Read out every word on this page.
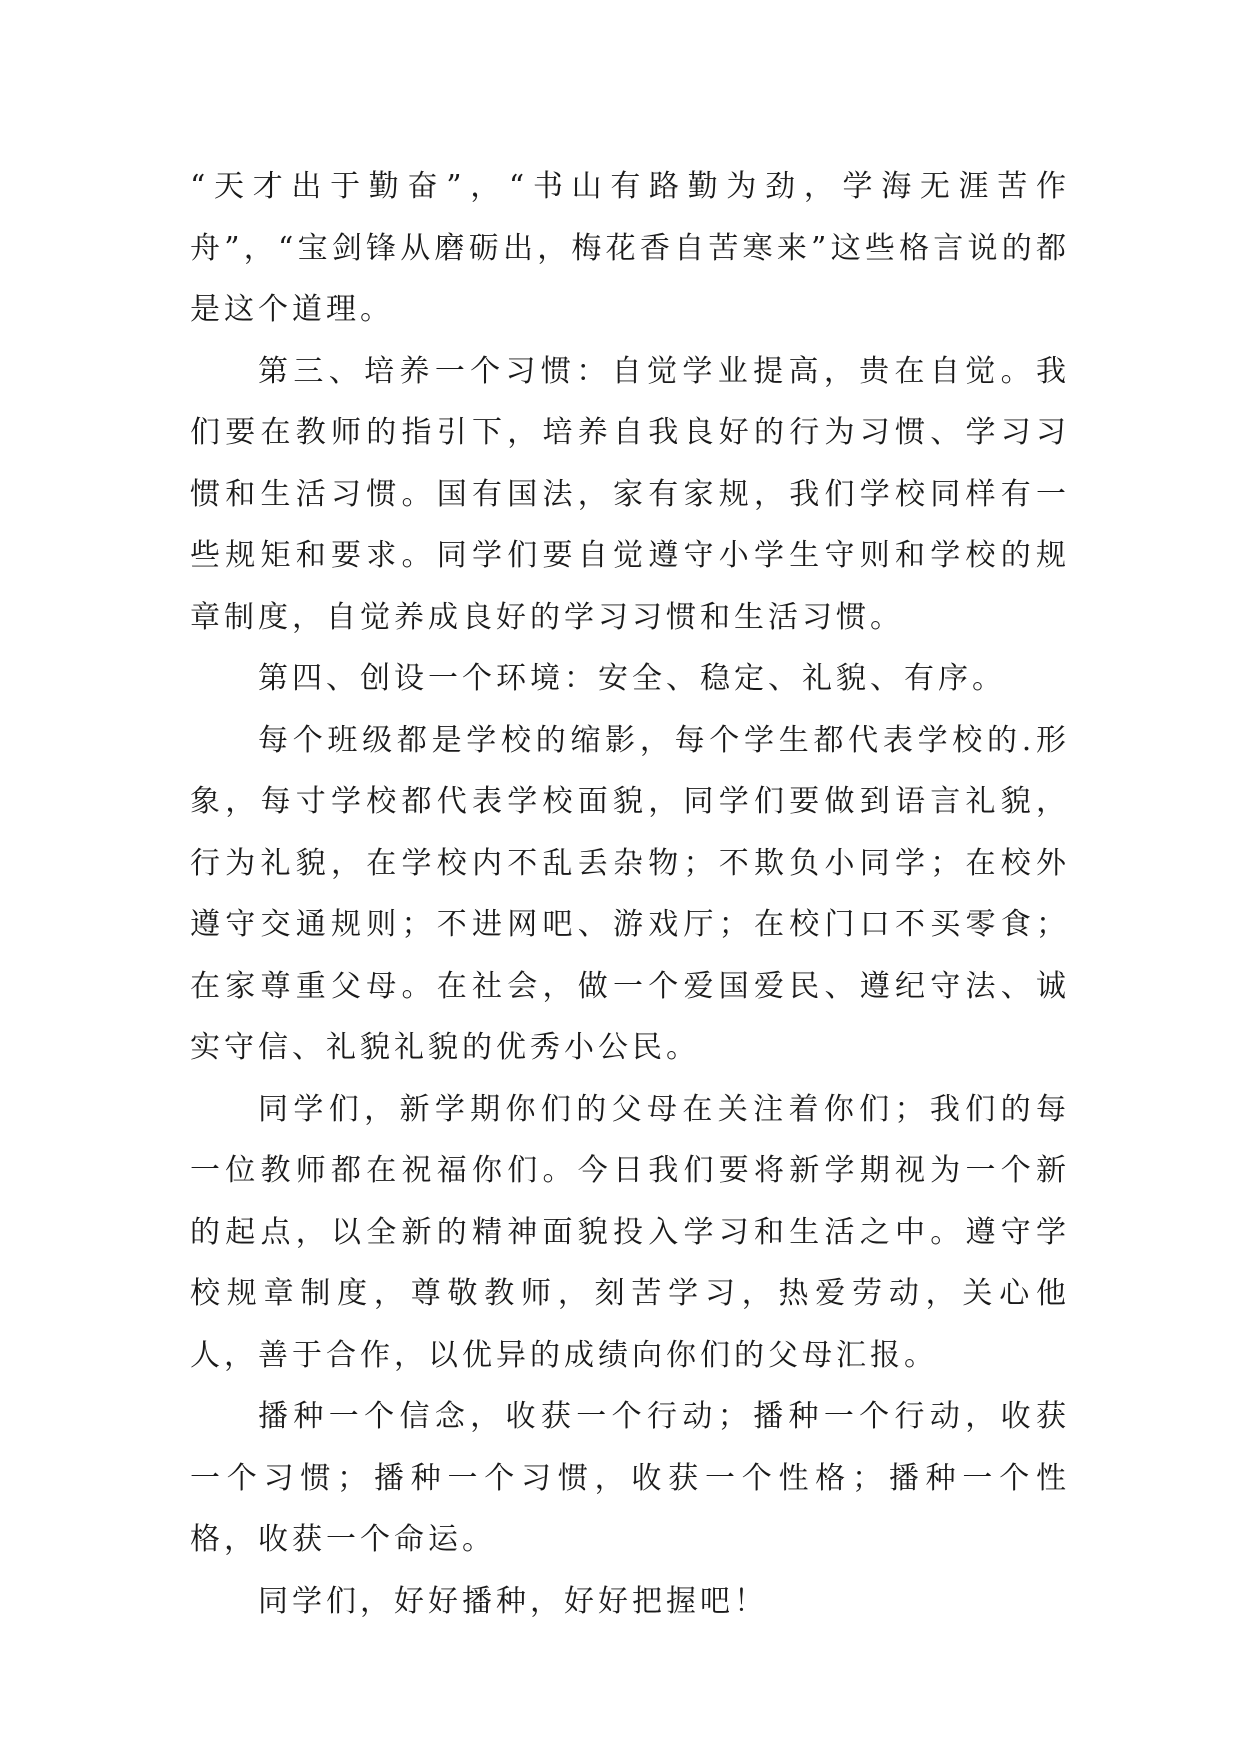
“天才出于勤奋”，“书山有路勤为劲，学海无涯苦作舟”，“宝剑锋从磨砺出，梅花香自苦寒来”这些格言说的都是这个道理。

第三、培养一个习惯：自觉学业提高，贵在自觉。我们要在教师的指引下，培养自我良好的行为习惯、学习习惯和生活习惯。国有国法，家有家规，我们学校同样有一些规矩和要求。同学们要自觉遵守小学生守则和学校的规章制度，自觉养成良好的学习习惯和生活习惯。

第四、创设一个环境：安全、稳定、礼貌、有序。

每个班级都是学校的缩影，每个学生都代表学校的.形象，每寸学校都代表学校面貌，同学们要做到语言礼貌，行为礼貌，在学校内不乱丢杂物；不欺负小同学；在校外遵守交通规则；不进网吧、游戏厅；在校门口不买零食；在家尊重父母。在社会，做一个爱国爱民、遵纪守法、诚实守信、礼貌礼貌的优秀小公民。

同学们，新学期你们的父母在关注着你们；我们的每一位教师都在祝福你们。今日我们要将新学期视为一个新的起点，以全新的精神面貌投入学习和生活之中。遵守学校规章制度，尊敬教师，刻苦学习，热爱劳动，关心他人，善于合作，以优异的成绩向你们的父母汇报。

播种一个信念，收获一个行动；播种一个行动，收获一个习惯；播种一个习惯，收获一个性格；播种一个性格，收获一个命运。

同学们，好好播种，好好把握吧！
